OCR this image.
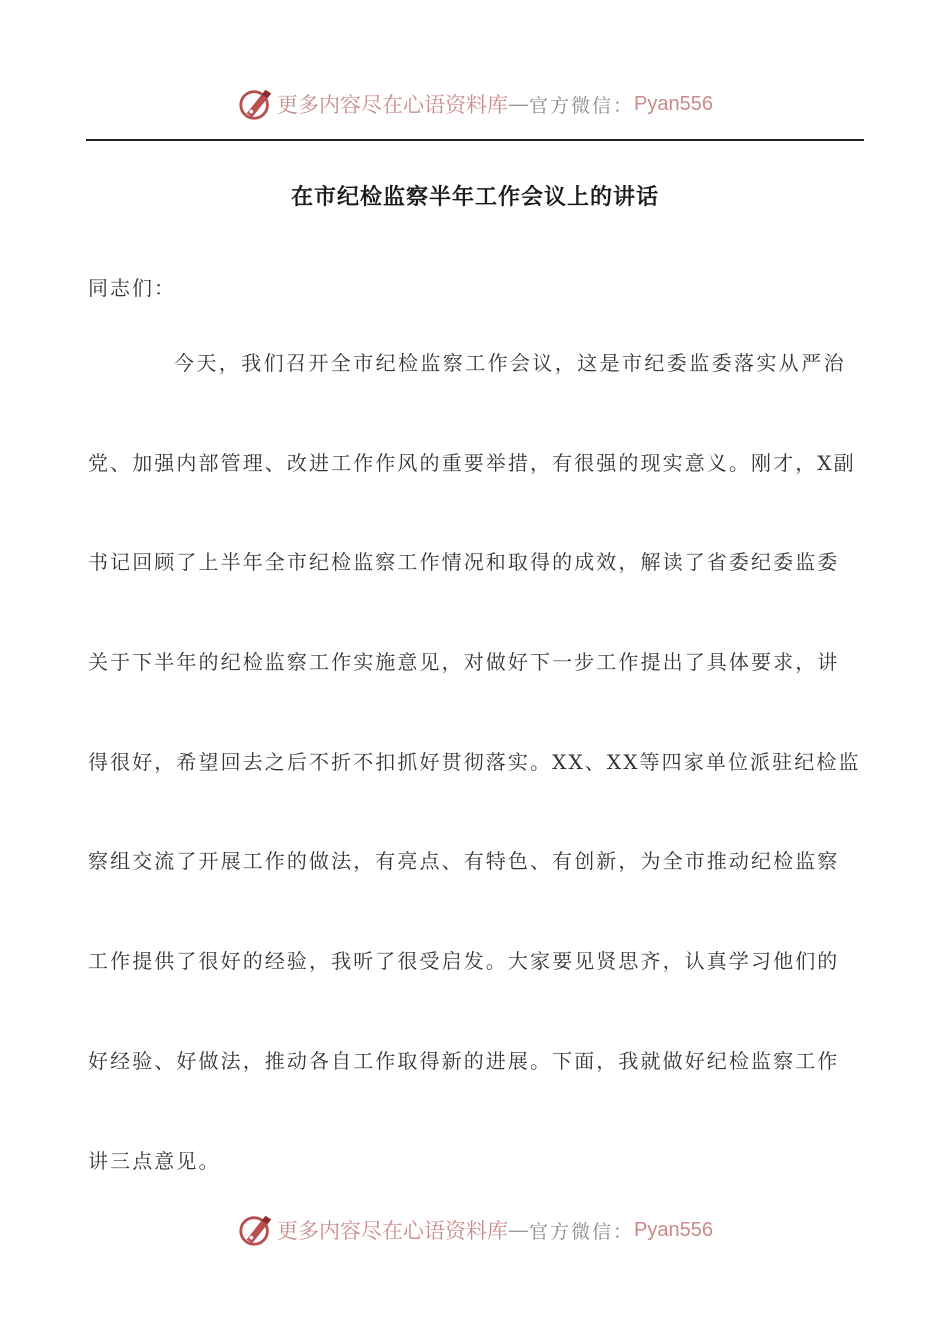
更多内容尽在心语资料库 — 官方微信： Pyan556
在市纪检监察半年工作会议上的讲话
同志们：
今天，我们召开全市纪检监察工作会议，这是市纪委监委落实从严治
党、加强内部管理、改进工作作风的重要举措，有很强的现实意义。刚才，X副
书记回顾了上半年全市纪检监察工作情况和取得的成效，解读了省委纪委监委
关于下半年的纪检监察工作实施意见，对做好下一步工作提出了具体要求，讲
得很好，希望回去之后不折不扣抓好贯彻落实。XX、XX等四家单位派驻纪检监
察组交流了开展工作的做法，有亮点、有特色、有创新，为全市推动纪检监察
工作提供了很好的经验，我听了很受启发。大家要见贤思齐，认真学习他们的
好经验、好做法，推动各自工作取得新的进展。下面，我就做好纪检监察工作
讲三点意见。
更多内容尽在心语资料库 — 官方微信： Pyan556
